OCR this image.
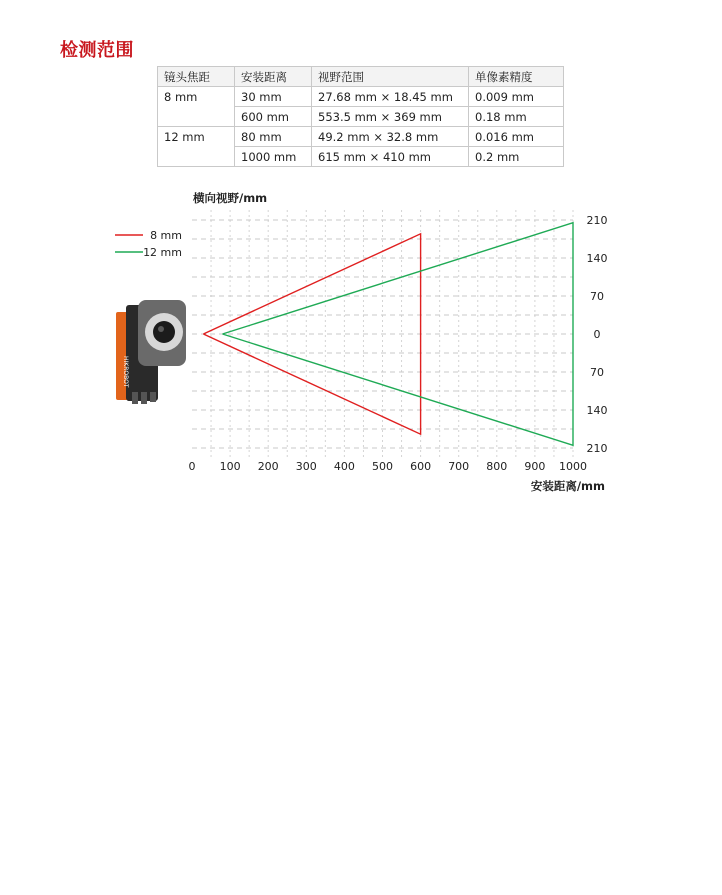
检测范围
镜头焦距	安装距离	视野范围	单像素精度
8 mm	30 mm	27.68 mm × 18.45 mm	0.009 mm
	600 mm	553.5 mm × 369 mm	0.18 mm
12 mm	80 mm	49.2 mm × 32.8 mm	0.016 mm
	1000 mm	615 mm × 410 mm	0.2 mm
HIKROBOT
8 mm
12 mm
0 100 200 300 400 500 600 700 800 900 1000
210
140
70
0
70
140
210
横向视野/mm
安装距离/mm
